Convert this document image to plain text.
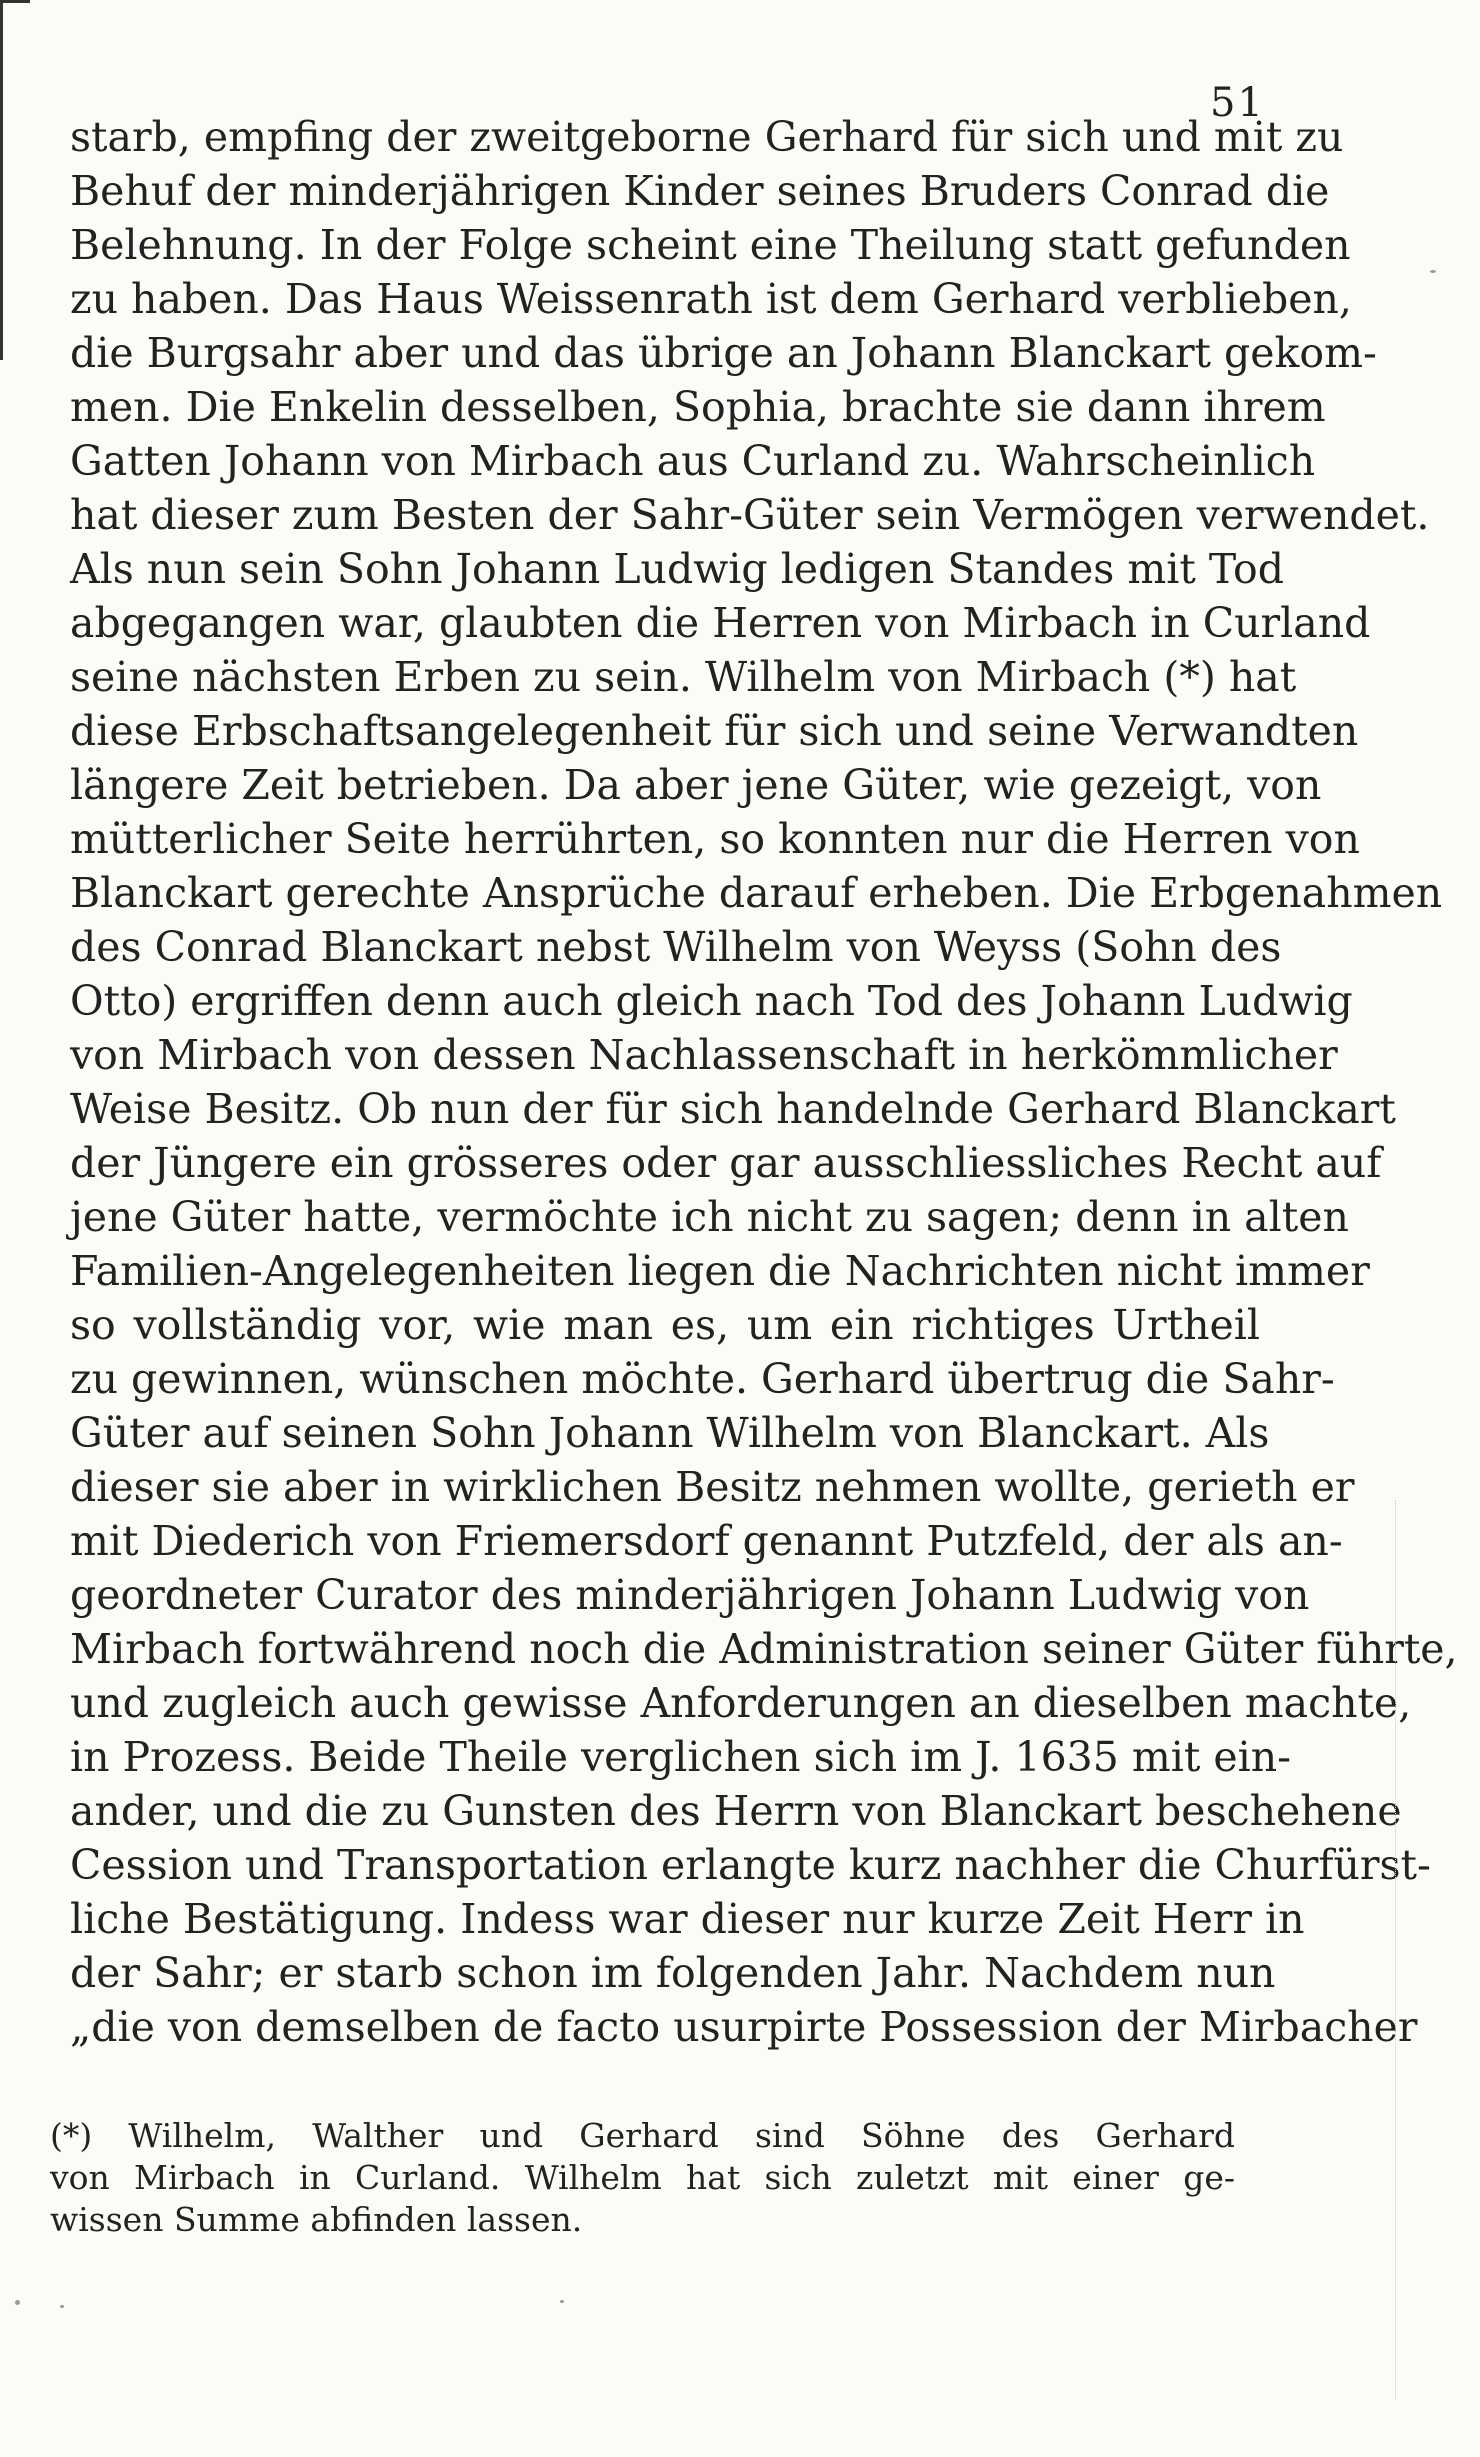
51
starb, empfing der zweitgeborne Gerhard für sich und mit zu
Behuf der minderjährigen Kinder seines Bruders Conrad die
Belehnung. In der Folge scheint eine Theilung statt gefunden
zu haben. Das Haus Weissenrath ist dem Gerhard verblieben,
die Burgsahr aber und das übrige an Johann Blanckart gekom-
men. Die Enkelin desselben, Sophia, brachte sie dann ihrem
Gatten Johann von Mirbach aus Curland zu. Wahrscheinlich
hat dieser zum Besten der Sahr-Güter sein Vermögen verwendet.
Als nun sein Sohn Johann Ludwig ledigen Standes mit Tod
abgegangen war, glaubten die Herren von Mirbach in Curland
seine nächsten Erben zu sein. Wilhelm von Mirbach (*) hat
diese Erbschaftsangelegenheit für sich und seine Verwandten
längere Zeit betrieben. Da aber jene Güter, wie gezeigt, von
mütterlicher Seite herrührten, so konnten nur die Herren von
Blanckart gerechte Ansprüche darauf erheben. Die Erbgenahmen
des Conrad Blanckart nebst Wilhelm von Weyss (Sohn des
Otto) ergriffen denn auch gleich nach Tod des Johann Ludwig
von Mirbach von dessen Nachlassenschaft in herkömmlicher
Weise Besitz. Ob nun der für sich handelnde Gerhard Blanckart
der Jüngere ein grösseres oder gar ausschliessliches Recht auf
jene Güter hatte, vermöchte ich nicht zu sagen; denn in alten
Familien-Angelegenheiten liegen die Nachrichten nicht immer
so vollständig vor, wie man es, um ein richtiges Urtheil
zu gewinnen, wünschen möchte. Gerhard übertrug die Sahr-
Güter auf seinen Sohn Johann Wilhelm von Blanckart. Als
dieser sie aber in wirklichen Besitz nehmen wollte, gerieth er
mit Diederich von Friemersdorf genannt Putzfeld, der als an-
geordneter Curator des minderjährigen Johann Ludwig von
Mirbach fortwährend noch die Administration seiner Güter führte,
und zugleich auch gewisse Anforderungen an dieselben machte,
in Prozess. Beide Theile verglichen sich im J. 1635 mit ein-
ander, und die zu Gunsten des Herrn von Blanckart beschehene
Cession und Transportation erlangte kurz nachher die Churfürst-
liche Bestätigung. Indess war dieser nur kurze Zeit Herr in
der Sahr; er starb schon im folgenden Jahr. Nachdem nun
„die von demselben de facto usurpirte Possession der Mirbacher
(*) Wilhelm, Walther und Gerhard sind Söhne des Gerhard
von Mirbach in Curland. Wilhelm hat sich zuletzt mit einer ge-
wissen Summe abfinden lassen.
